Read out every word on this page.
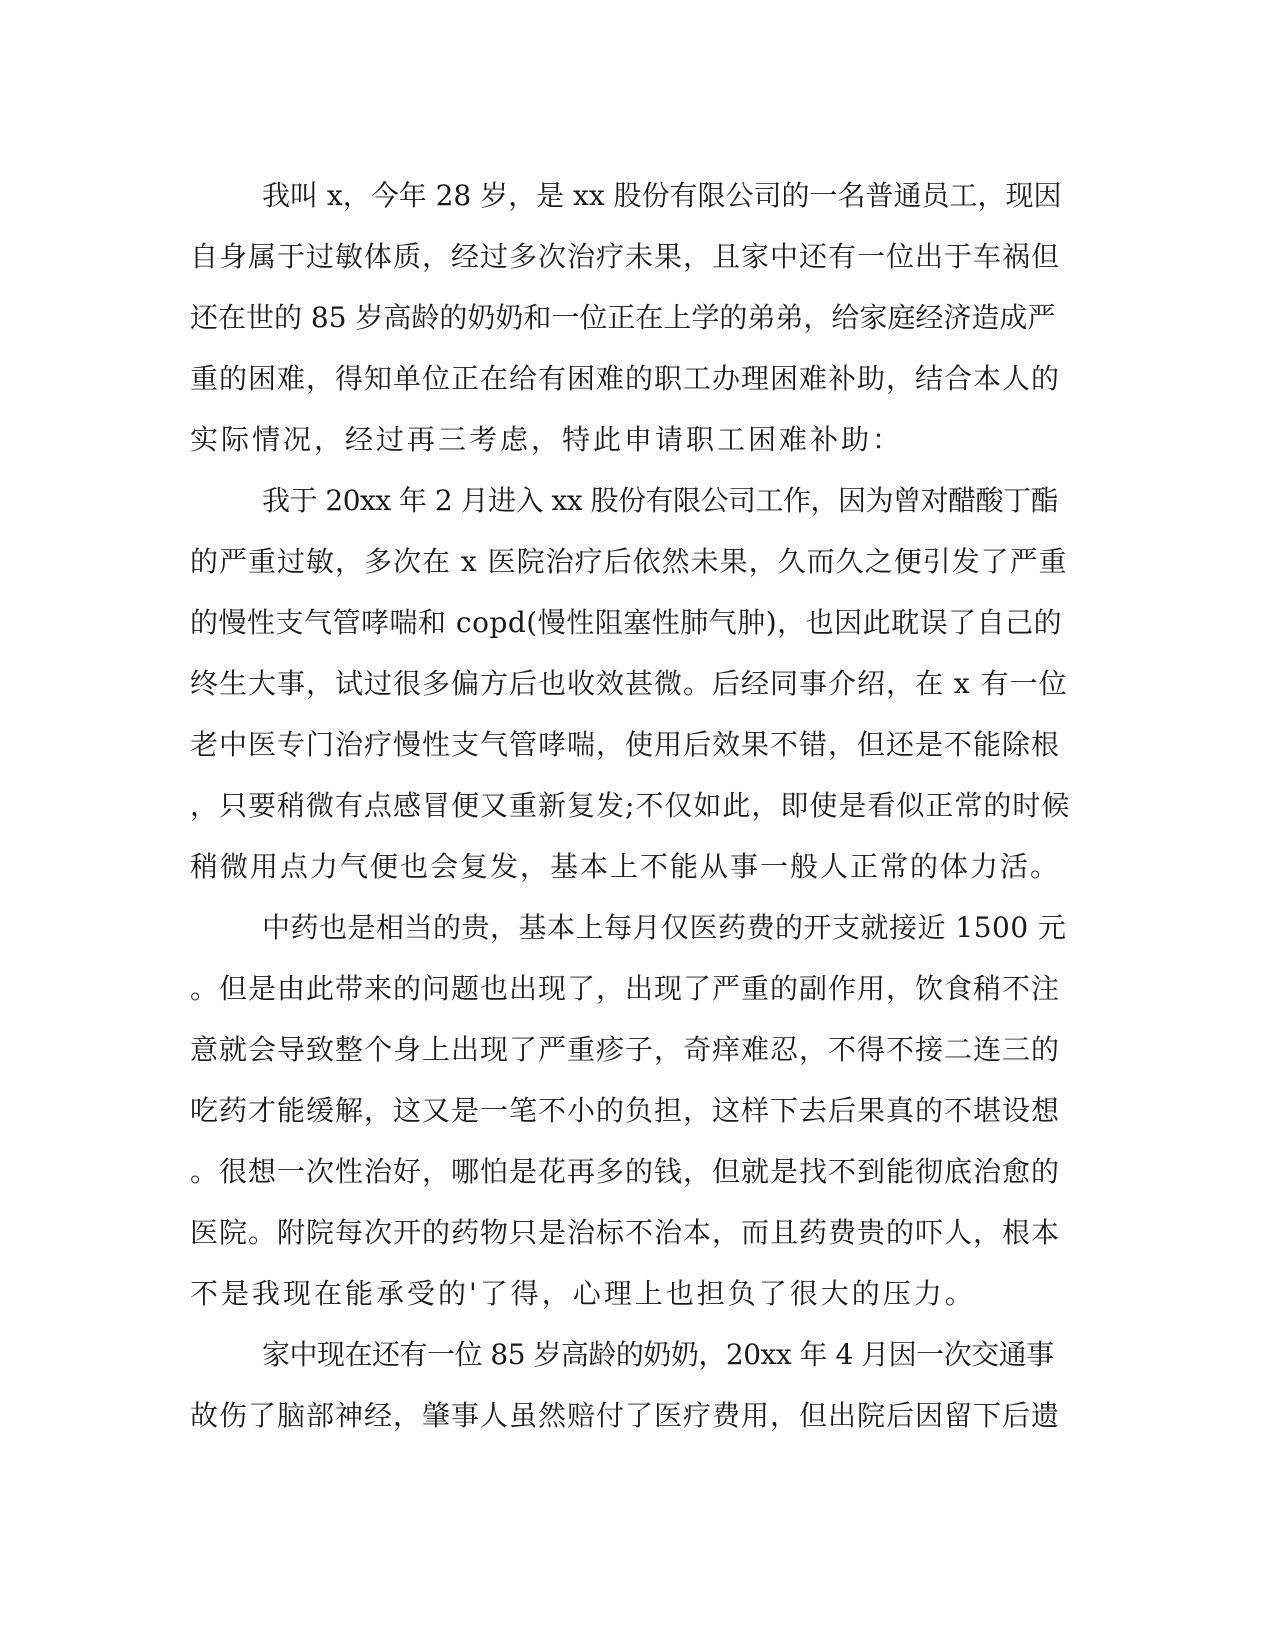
我叫 x，今年 28 岁，是 xx 股份有限公司的一名普通员工，现因
自身属于过敏体质，经过多次治疗未果，且家中还有一位出于车祸但
还在世的 85 岁高龄的奶奶和一位正在上学的弟弟，给家庭经济造成严
重的困难，得知单位正在给有困难的职工办理困难补助，结合本人的
实际情况，经过再三考虑，特此申请职工困难补助：
我于 20xx 年 2 月进入 xx 股份有限公司工作，因为曾对醋酸丁酯
的严重过敏，多次在 x 医院治疗后依然未果，久而久之便引发了严重
的慢性支气管哮喘和 copd(慢性阻塞性肺气肿)，也因此耽误了自己的
终生大事，试过很多偏方后也收效甚微。后经同事介绍，在 x 有一位
老中医专门治疗慢性支气管哮喘，使用后效果不错，但还是不能除根
，只要稍微有点感冒便又重新复发;不仅如此，即使是看似正常的时候
稍微用点力气便也会复发，基本上不能从事一般人正常的体力活。
中药也是相当的贵，基本上每月仅医药费的开支就接近 1500 元
。但是由此带来的问题也出现了，出现了严重的副作用，饮食稍不注
意就会导致整个身上出现了严重疹子，奇痒难忍，不得不接二连三的
吃药才能缓解，这又是一笔不小的负担，这样下去后果真的不堪设想
。很想一次性治好，哪怕是花再多的钱，但就是找不到能彻底治愈的
医院。附院每次开的药物只是治标不治本，而且药费贵的吓人，根本
不是我现在能承受的'了得，心理上也担负了很大的压力。
家中现在还有一位 85 岁高龄的奶奶，20xx 年 4 月因一次交通事
故伤了脑部神经，肇事人虽然赔付了医疗费用，但出院后因留下后遗
